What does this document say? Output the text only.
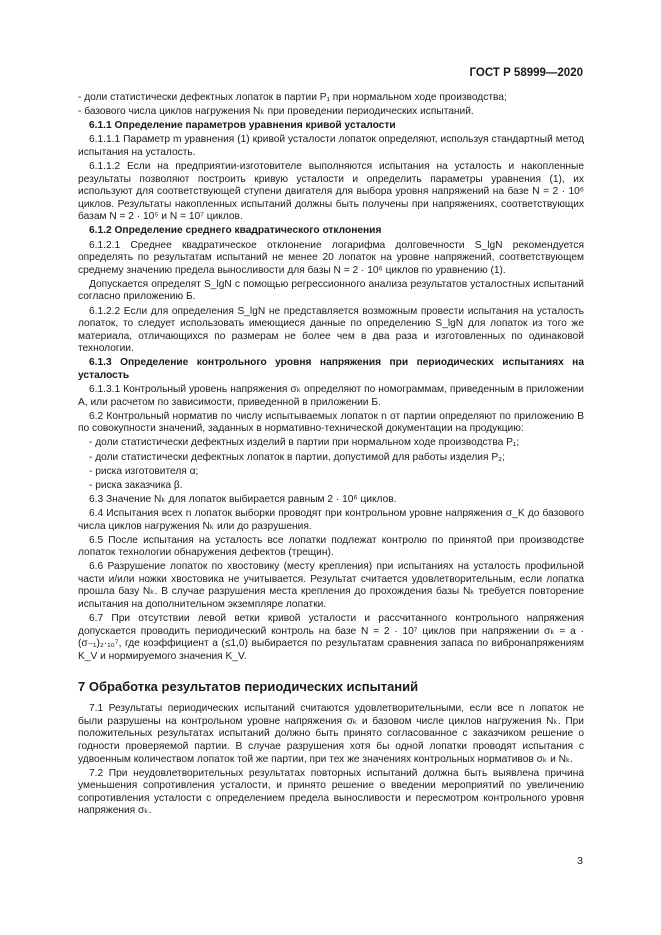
ГОСТ Р 58999—2020

- доли статистически дефектных лопаток в партии P₁ при нормальном ходе производства;

- базового числа циклов нагружения Nₖ при проведении периодических испытаний.

6.1.1 Определение параметров уравнения кривой усталости

6.1.1.1 Параметр m уравнения (1) кривой усталости лопаток определяют, используя стандартный метод испытания на усталость.

6.1.1.2 Если на предприятии-изготовителе выполняются испытания на усталость и накопленные результаты позволяют построить кривую усталости и определить параметры уравнения (1), их используют для соответствующей ступени двигателя для выбора уровня напряжений на базе N = 2 · 10⁶ циклов. Результаты накопленных испытаний должны быть получены при напряжениях, соответствующих базам N = 2 · 10⁵ и N = 10⁷ циклов.

6.1.2 Определение среднего квадратического отклонения

6.1.2.1 Среднее квадратическое отклонение логарифма долговечности S_lgN рекомендуется определять по результатам испытаний не менее 20 лопаток на уровне напряжений, соответствующем среднему значению предела выносливости для базы N = 2 · 10⁶ циклов по уравнению (1).

Допускается определят S_lgN с помощью регрессионного анализа результатов усталостных испытаний согласно приложению Б.

6.1.2.2 Если для определения S_lgN не представляется возможным провести испытания на усталость лопаток, то следует использовать имеющиеся данные по определению S_lgN для лопаток из того же материала, отличающихся по размерам не более чем в два раза и изготовленных по одинаковой технологии.

6.1.3 Определение контрольного уровня напряжения при периодических испытаниях на усталость

6.1.3.1 Контрольный уровень напряжения σₖ определяют по номограммам, приведенным в приложении А, или расчетом по зависимости, приведенной в приложении Б.

6.2 Контрольный норматив по числу испытываемых лопаток n от партии определяют по приложению В по совокупности значений, заданных в нормативно-технической документации на продукцию:

- доли статистически дефектных изделий в партии при нормальном ходе производства P₁;

- доли статистически дефектных лопаток в партии, допустимой для работы изделия P₂;

- риска изготовителя α;

- риска заказчика β.

6.3 Значение Nₖ для лопаток выбирается равным 2 · 10⁶ циклов.

6.4 Испытания всех n лопаток выборки проводят при контрольном уровне напряжения σ_K до базового числа циклов нагружения Nₖ или до разрушения.

6.5 После испытания на усталость все лопатки подлежат контролю по принятой при производстве лопаток технологии обнаружения дефектов (трещин).

6.6 Разрушение лопаток по хвостовику (месту крепления) при испытаниях на усталость профильной части и/или ножки хвостовика не учитывается. Результат считается удовлетворительным, если лопатка прошла базу Nₖ. В случае разрушения места крепления до прохождения базы Nₖ требуется повторение испытания на дополнительном экземпляре лопатки.

6.7 При отсутствии левой ветки кривой усталости и рассчитанного контрольного напряжения допускается проводить периодический контроль на базе N = 2 · 10⁷ циклов при напряжении σₖ = a · (σ₋₁)₂·₁₀⁷, где коэффициент a (≤1,0) выбирается по результатам сравнения запаса по вибронапряжениям K_V и нормируемого значения K_V.

7 Обработка результатов периодических испытаний

7.1 Результаты периодических испытаний считаются удовлетворительными, если все n лопаток не были разрушены на контрольном уровне напряжения σₖ и базовом числе циклов нагружения Nₖ. При положительных результатах испытаний должно быть принято согласованное с заказчиком решение о годности проверяемой партии. В случае разрушения хотя бы одной лопатки проводят испытания с удвоенным количеством лопаток той же партии, при тех же значениях контрольных нормативов σₖ и Nₖ.

7.2 При неудовлетворительных результатах повторных испытаний должна быть выявлена причина уменьшения сопротивления усталости, и принято решение о введении мероприятий по увеличению сопротивления усталости с определением предела выносливости и пересмотром контрольного уровня напряжения σₖ.

3
